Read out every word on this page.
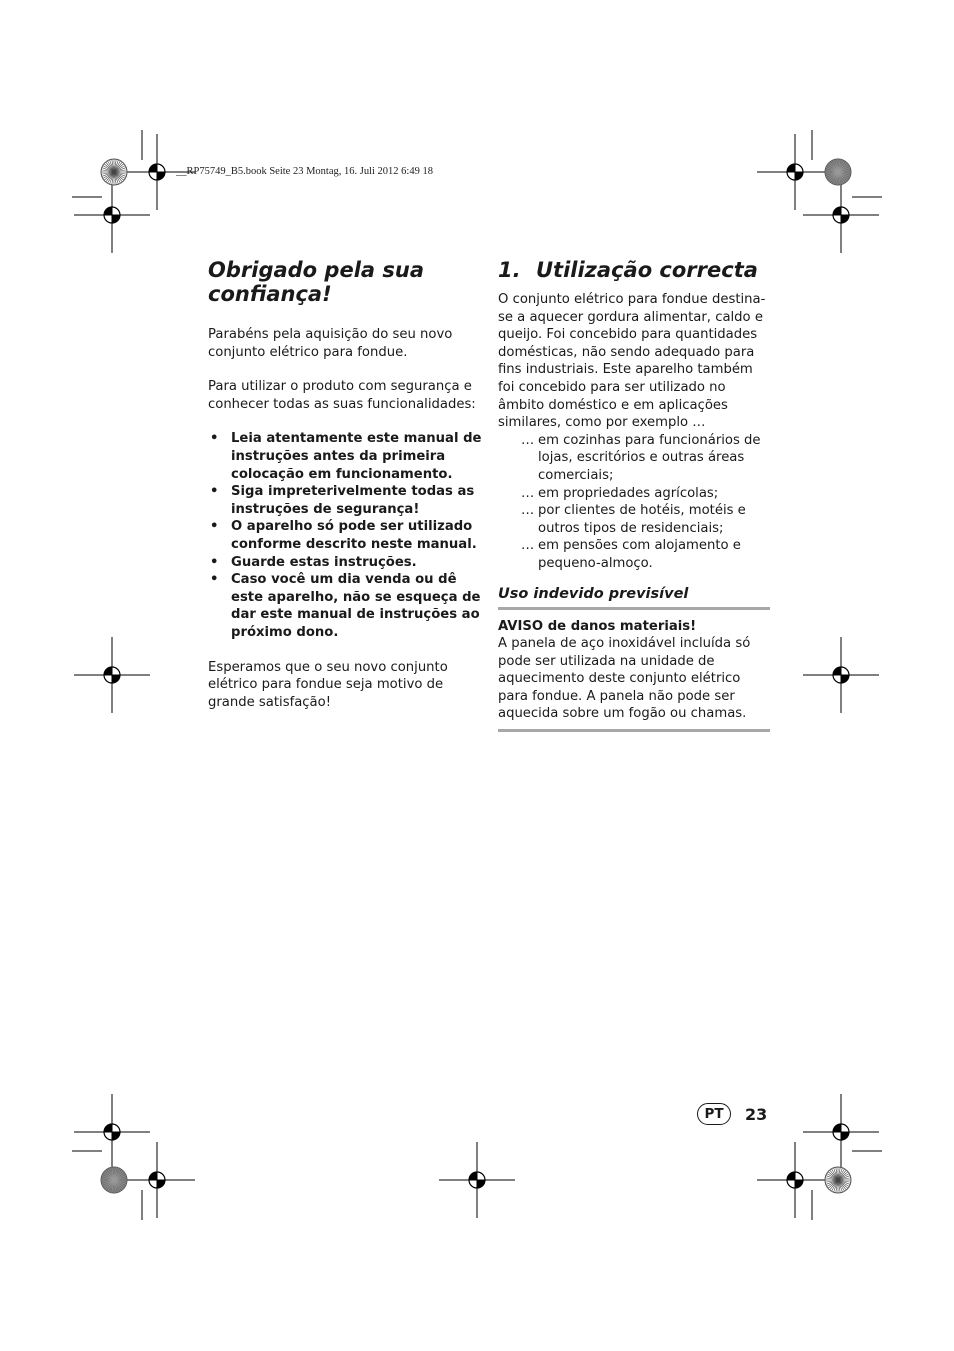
__RP75749_B5.book Seite 23 Montag, 16. Juli 2012 6:49 18
Obrigado pela sua confiança!

Parabéns pela aquisição do seu novo conjunto elétrico para fondue.

Para utilizar o produto com segurança e conhecer todas as suas funcionalidades:

• Leia atentamente este manual de instruções antes da primeira colocação em funcionamento.
• Siga impreterivelmente todas as instruções de segurança!
• O aparelho só pode ser utilizado conforme descrito neste manual.
• Guarde estas instruções.
• Caso você um dia venda ou dê este aparelho, não se esqueça de dar este manual de instruções ao próximo dono.

Esperamos que o seu novo conjunto elétrico para fondue seja motivo de grande satisfação!

1. Utilização correcta

O conjunto elétrico para fondue destina-se a aquecer gordura alimentar, caldo e queijo. Foi concebido para quantidades domésticas, não sendo adequado para fins industriais. Este aparelho também foi concebido para ser utilizado no âmbito doméstico e em aplicações similares, como por exemplo …

… em cozinhas para funcionários de lojas, escritórios e outras áreas comerciais;
… em propriedades agrícolas;
… por clientes de hotéis, motéis e outros tipos de residenciais;
… em pensões com alojamento e pequeno-almoço.
Uso indevido previsível

AVISO de danos materiais!

A panela de aço inoxidável incluída só pode ser utilizada na unidade de aquecimento deste conjunto elétrico para fondue. A panela não pode ser aquecida sobre um fogão ou chamas.

PT	23
